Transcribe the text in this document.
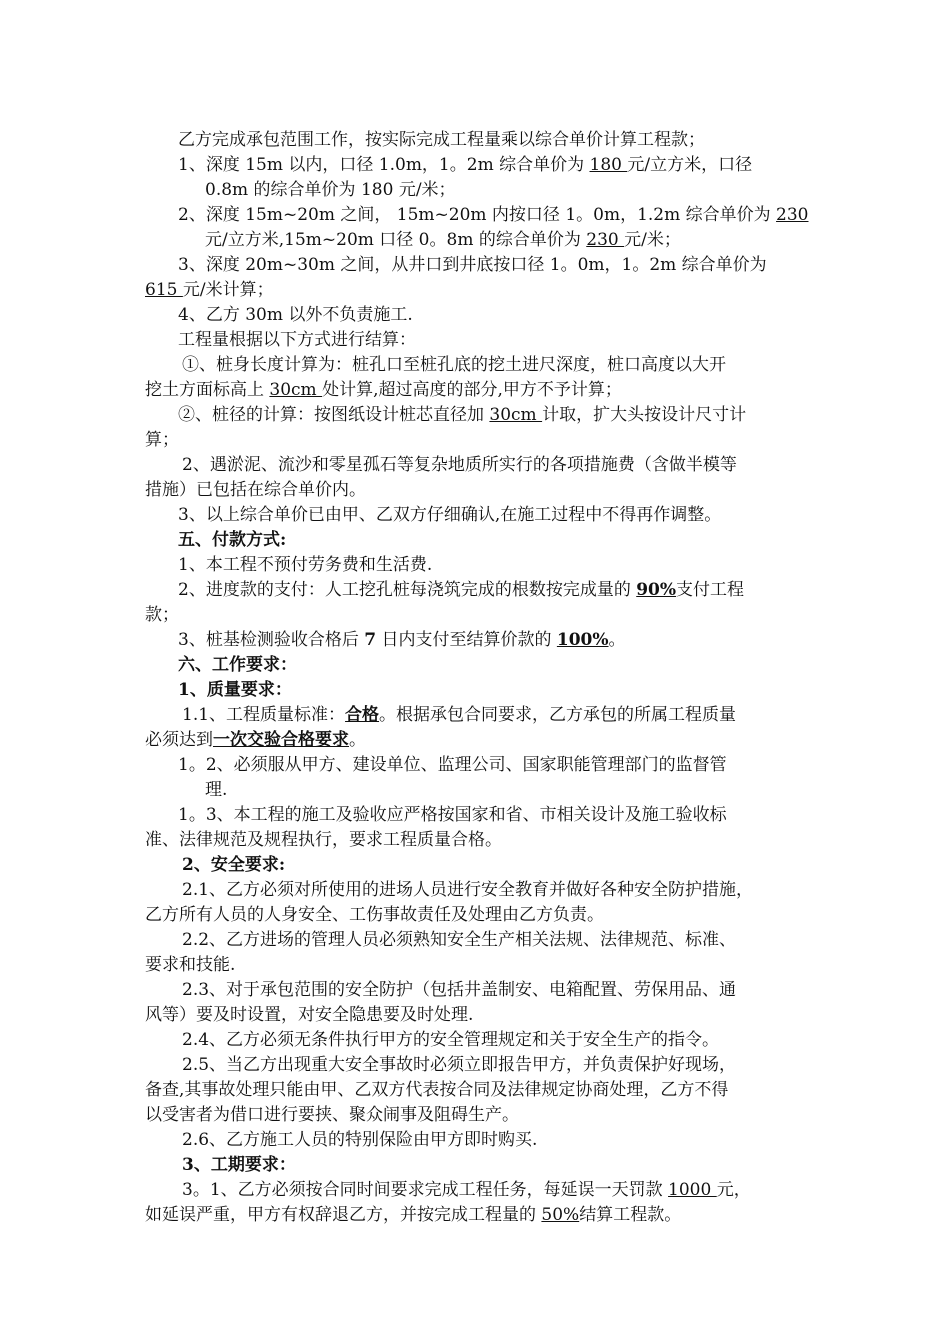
乙方完成承包范围工作，按实际完成工程量乘以综合单价计算工程款；

1、深度 15m 以内，口径 1.0m，1。2m 综合单价为 180 元/立方米，口径

0.8m 的综合单价为 180 元/米；

2、深度 15m~20m 之间， 15m~20m 内按口径 1。0m，1.2m 综合单价为 230

元/立方米,15m~20m 口径 0。8m 的综合单价为 230 元/米；

3、深度 20m~30m 之间，从井口到井底按口径 1。0m，1。2m 综合单价为

615 元/米计算；

4、乙方 30m 以外不负责施工.

工程量根据以下方式进行结算：

①、桩身长度计算为：桩孔口至桩孔底的挖土进尺深度，桩口高度以大开

挖土方面标高上 30cm 处计算,超过高度的部分,甲方不予计算；

②、桩径的计算：按图纸设计桩芯直径加 30cm 计取，扩大头按设计尺寸计

算；

2、遇淤泥、流沙和零星孤石等复杂地质所实行的各项措施费（含做半模等

措施）已包括在综合单价内。

3、以上综合单价已由甲、乙双方仔细确认,在施工过程中不得再作调整。

五、付款方式:

1、本工程不预付劳务费和生活费.

2、进度款的支付：人工挖孔桩每浇筑完成的根数按完成量的 90%支付工程

款；

3、桩基检测验收合格后 7 日内支付至结算价款的 100%。

六、工作要求：

1、质量要求：

1.1、工程质量标准：合格。根据承包合同要求，乙方承包的所属工程质量

必须达到一次交验合格要求。

1。2、必须服从甲方、建设单位、监理公司、国家职能管理部门的监督管

理.

1。3、本工程的施工及验收应严格按国家和省、市相关设计及施工验收标

准、法律规范及规程执行，要求工程质量合格。

2、安全要求:

2.1、乙方必须对所使用的进场人员进行安全教育并做好各种安全防护措施，

乙方所有人员的人身安全、工伤事故责任及处理由乙方负责。

2.2、乙方进场的管理人员必须熟知安全生产相关法规、法律规范、标准、

要求和技能.

2.3、对于承包范围的安全防护（包括井盖制安、电箱配置、劳保用品、通

风等）要及时设置，对安全隐患要及时处理.

2.4、乙方必须无条件执行甲方的安全管理规定和关于安全生产的指令。

2.5、当乙方出现重大安全事故时必须立即报告甲方，并负责保护好现场，

备查,其事故处理只能由甲、乙双方代表按合同及法律规定协商处理，乙方不得

以受害者为借口进行要挟、聚众闹事及阻碍生产。

2.6、乙方施工人员的特别保险由甲方即时购买.

3、工期要求：

3。1、乙方必须按合同时间要求完成工程任务，每延误一天罚款 1000 元，

如延误严重，甲方有权辞退乙方，并按完成工程量的 50%结算工程款。
